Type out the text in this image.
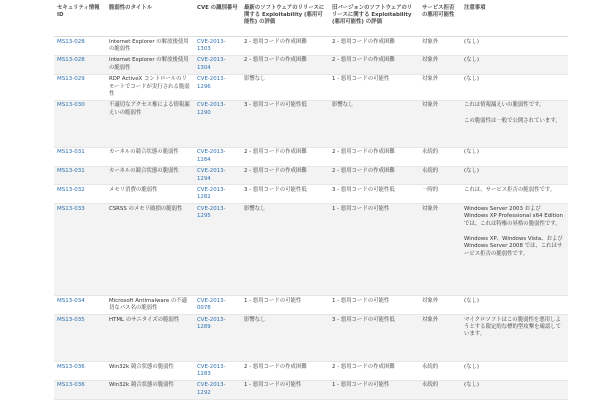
セキュリティ情報 ID	脆弱性のタイトル	CVE の識別番号	最新のソフトウェアのリリースに関する Exploitability (悪用可能性) の評価	旧バージョンのソフトウェアのリリースに関する Exploitability (悪用可能性) の評価	サービス拒否の悪用可能性	注意事項
MS13-028	Internet Explorer の解放後使用の脆弱性	CVE-2013-1303	2 - 悪用コードの作成困難	2 - 悪用コードの作成困難	対象外	(なし)

MS13-028	Internet Explorer の解放後使用の脆弱性	CVE-2013-1304	2 - 悪用コードの作成困難	2 - 悪用コードの作成困難	対象外	(なし)

MS13-029	RDP ActiveX コントロールのリモートでコードが実行される脆弱性	CVE-2013-1296	影響なし	1 - 悪用コードの可能性	対象外	(なし)

MS13-030	不適切なアクセス権による情報漏えいの脆弱性	CVE-2013-1290	3 - 悪用コードの可能性低	影響なし	対象外	これは情報漏えいの脆弱性です。
この脆弱性は一般で公開されています。

MS13-031	カーネルの競合状態の脆弱性	CVE-2013-1284	2 - 悪用コードの作成困難	2 - 悪用コードの作成困難	永続的	(なし)

MS13-031	カーネルの競合状態の脆弱性	CVE-2013-1294	2 - 悪用コードの作成困難	2 - 悪用コードの作成困難	永続的	(なし)

MS13-032	メモリ消費の脆弱性	CVE-2013-1282	3 - 悪用コードの可能性低	3 - 悪用コードの可能性低	一時的	これは、サービス拒否の脆弱性です。

MS13-033	CSRSS のメモリ破損の脆弱性	CVE-2013-1295	影響なし	1 - 悪用コードの可能性	対象外	Windows Server 2003 および Windows XP Professional x64 Edition では、これは特権の昇格の脆弱性です。
Windows XP、Windows Vista、および Windows Server 2008 では、これはサービス拒否の脆弱性です。

MS13-034	Microsoft Antimalware の不適切なパス名の脆弱性	CVE-2013-0078	1 - 悪用コードの可能性	1 - 悪用コードの可能性	対象外	(なし)

MS13-035	HTML のサニタイズの脆弱性	CVE-2013-1289	影響なし	3 - 悪用コードの可能性低	対象外	マイクロソフトはこの脆弱性を悪用しようとする限定的な標的型攻撃を確認しています。

MS13-036	Win32k 競合状態の脆弱性	CVE-2013-1283	2 - 悪用コードの作成困難	2 - 悪用コードの作成困難	永続的	(なし)

MS13-036	Win32k 競合状態の脆弱性	CVE-2013-1292	1 - 悪用コードの可能性	1 - 悪用コードの可能性	永続的	(なし)
